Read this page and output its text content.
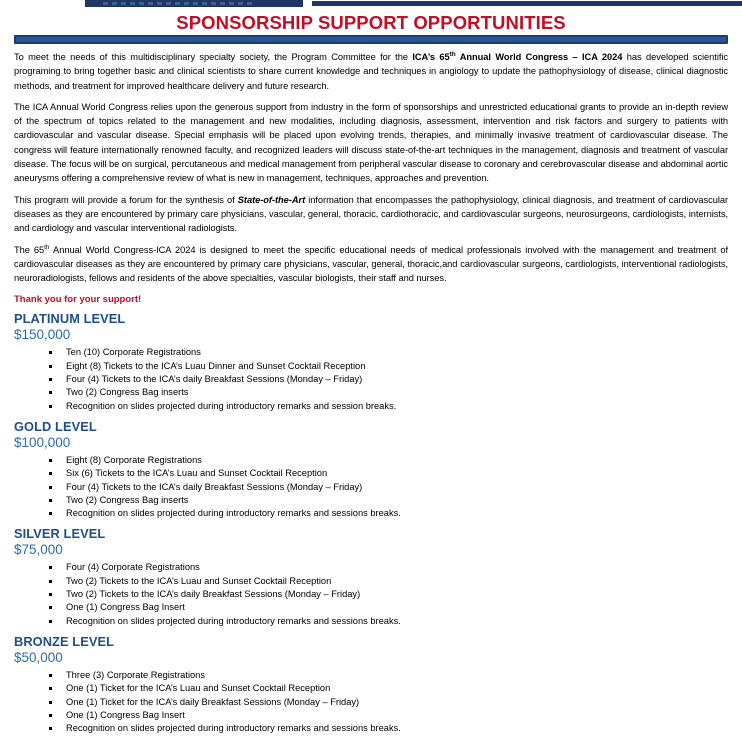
SPONSORSHIP SUPPORT OPPORTUNITIES

To meet the needs of this multidisciplinary specialty society, the Program Committee for the ICA’s 65th Annual World Congress – ICA 2024 has developed scientific programing to bring together basic and clinical scientists to share current knowledge and techniques in angiology to update the pathophysiology of disease, clinical diagnostic methods, and treatment for improved healthcare delivery and future research.

The ICA Annual World Congress relies upon the generous support from industry in the form of sponsorships and unrestricted educational grants to provide an in-depth review of the spectrum of topics related to the management and new modalities, including diagnosis, assessment, intervention and risk factors and surgery to patients with cardiovascular and vascular disease. Special emphasis will be placed upon evolving trends, therapies, and minimally invasive treatment of cardiovascular disease. The congress will feature internationally renowned faculty, and recognized leaders will discuss state-of-the-art techniques in the management, diagnosis and treatment of vascular disease. The focus will be on surgical, percutaneous and medical management from peripheral vascular disease to coronary and cerebrovascular disease and abdominal aortic aneurysms offering a comprehensive review of what is new in management, techniques, approaches and prevention.

This program will provide a forum for the synthesis of State-of-the-Art information that encompasses the pathophysiology, clinical diagnosis, and treatment of cardiovascular diseases as they are encountered by primary care physicians, vascular, general, thoracic, cardiothoracic, and cardiovascular surgeons, neurosurgeons, cardiologists, internists, and cardiology and vascular interventional radiologists.

The 65th Annual World Congress-ICA 2024 is designed to meet the specific educational needs of medical professionals involved with the management and treatment of cardiovascular diseases as they are encountered by primary care physicians, vascular, general, thoracic,and cardiovascular surgeons, cardiologists, interventional radiologists, neuroradiologists, fellows and residents of the above specialties, vascular biologists, their staff and nurses.

Thank you for your support!

PLATINUM LEVEL
$150,000
Ten (10) Corporate Registrations
Eight (8) Tickets to the ICA’s Luau Dinner and Sunset Cocktail Reception
Four (4) Tickets to the ICA’s daily Breakfast Sessions (Monday – Friday)
Two (2) Congress Bag inserts
Recognition on slides projected during introductory remarks and session breaks.
GOLD LEVEL
$100,000
Eight (8) Corporate Registrations
Six (6) Tickets to the ICA’s Luau and Sunset Cocktail Reception
Four (4) Tickets to the ICA’s daily Breakfast Sessions (Monday – Friday)
Two (2) Congress Bag inserts
Recognition on slides projected during introductory remarks and sessions breaks.
SILVER LEVEL
$75,000
Four (4) Corporate Registrations
Two (2) Tickets to the ICA’s Luau and Sunset Cocktail Reception
Two (2) Tickets to the ICA’s daily Breakfast Sessions (Monday – Friday)
One (1) Congress Bag Insert
Recognition on slides projected during introductory remarks and sessions breaks.
BRONZE LEVEL
$50,000
Three (3) Corporate Registrations
One (1) Ticket for the ICA’s Luau and Sunset Cocktail Reception
One (1) Ticket for the ICA’s daily Breakfast Sessions (Monday – Friday)
One (1) Congress Bag Insert
Recognition on slides projected during introductory remarks and sessions breaks.
